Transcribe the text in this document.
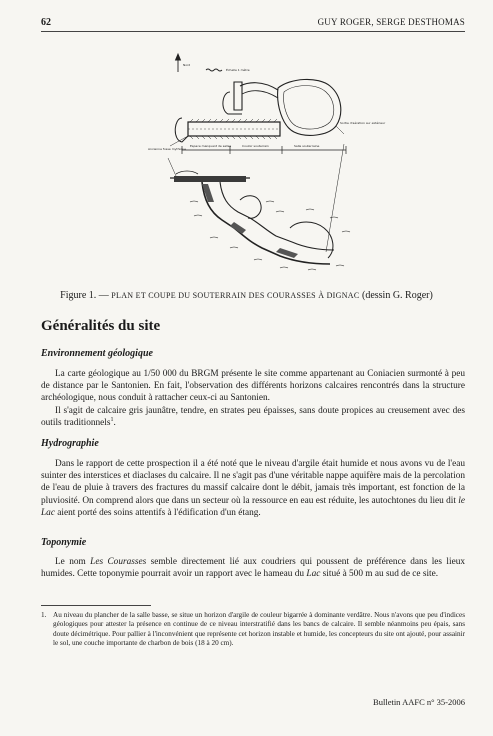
62	GUY ROGER, SERGE DESTHOMAS
Nord
Échelle 1 mètre
Sortie d'aération sur extérieur
Ancienne fosse mythique
Espace manquant de salles	Couloir souterrain	Salle souterraine
Figure 1. — PLAN ET COUPE DU SOUTERRAIN DES COURASSES À DIGNAC (dessin G. Roger)
Généralités du site
Environnement géologique

La carte géologique au 1/50 000 du BRGM présente le site comme appartenant au Coniacien surmonté à peu de distance par le Santonien. En fait, l'observation des différents horizons calcaires rencontrés dans la structure archéologique, nous conduit à rattacher ceux-ci au Santonien.

Il s'agit de calcaire gris jaunâtre, tendre, en strates peu épaisses, sans doute propices au creusement avec des outils traditionnels$^1$.

Hydrographie

Dans le rapport de cette prospection il a été noté que le niveau d'argile était humide et nous avons vu de l'eau suinter des interstices et diaclases du calcaire. Il ne s'agit pas d'une véritable nappe aquifère mais de la percolation de l'eau de pluie à travers des fractures du massif calcaire dont le débit, jamais très important, est fonction de la pluviosité. On comprend alors que dans un secteur où la ressource en eau est réduite, les autochtones du lieu dit le Lac aient porté des soins attentifs à l'édification d'un étang.

Toponymie

Le nom Les Courasses semble directement lié aux coudriers qui poussent de préférence dans les lieux humides. Cette toponymie pourrait avoir un rapport avec le hameau du Lac situé à 500 m au sud de ce site.

1. Au niveau du plancher de la salle basse, se situe un horizon d'argile de couleur bigarrée à dominante verdâtre. Nous n'avons que peu d'indices géologiques pour attester la présence en continue de ce niveau interstratifié dans les bancs de calcaire. Il semble néanmoins peu épais, sans doute décimétrique. Pour pallier à l'inconvénient que représente cet horizon instable et humide, les concepteurs du site ont ajouté, pour assainir le sol, une couche importante de charbon de bois (18 à 20 cm).
Bulletin AAFC n° 35-2006
